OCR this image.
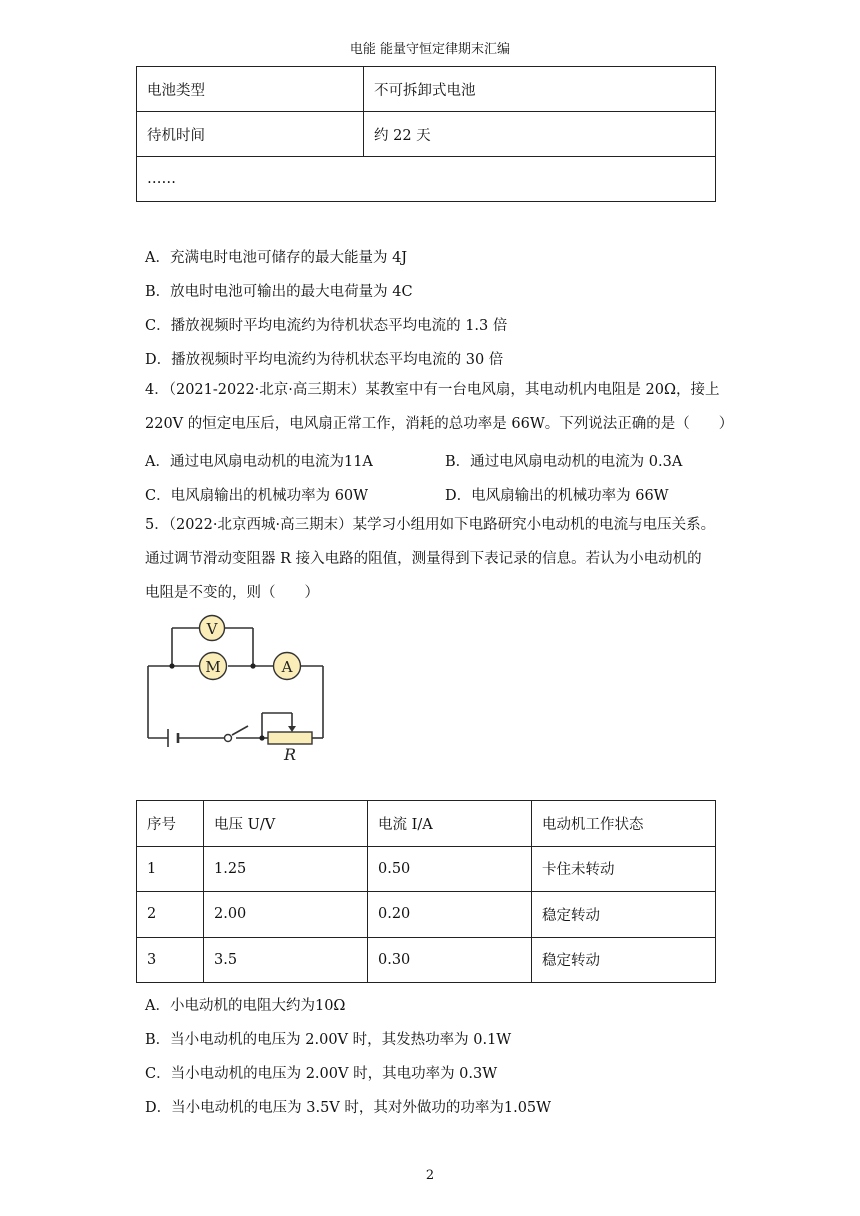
电能 能量守恒定律期末汇编
电池类型	不可拆卸式电池
待机时间	约 22 天
……	
A．充满电时电池可储存的最大能量为 4J
B．放电时电池可输出的最大电荷量为 4C
C．播放视频时平均电流约为待机状态平均电流的 1.3 倍
D．播放视频时平均电流约为待机状态平均电流的 30 倍
4．（2021-2022·北京·高三期末）某教室中有一台电风扇，其电动机内电阻是 20Ω，接上
220V 的恒定电压后，电风扇正常工作，消耗的总功率是 66W。下列说法正确的是（　　）
A．通过电风扇电动机的电流为11A	B．通过电风扇电动机的电流为 0.3A
C．电风扇输出的机械功率为 60W	D．电风扇输出的机械功率为 66W
5．（2022·北京西城·高三期末）某学习小组用如下电路研究小电动机的电流与电压关系。
通过调节滑动变阻器 R 接入电路的阻值，测量得到下表记录的信息。若认为小电动机的
电阻是不变的，则（　　）
V
M	A
R
序号	电压 U/V	电流 I/A	电动机工作状态
1	1.25	0.50	卡住未转动
2	2.00	0.20	稳定转动
3	3.5	0.30	稳定转动
A．小电动机的电阻大约为10Ω
B．当小电动机的电压为 2.00V 时，其发热功率为 0.1W
C．当小电动机的电压为 2.00V 时，其电功率为 0.3W
D．当小电动机的电压为 3.5V 时，其对外做功的功率为1.05W
2
